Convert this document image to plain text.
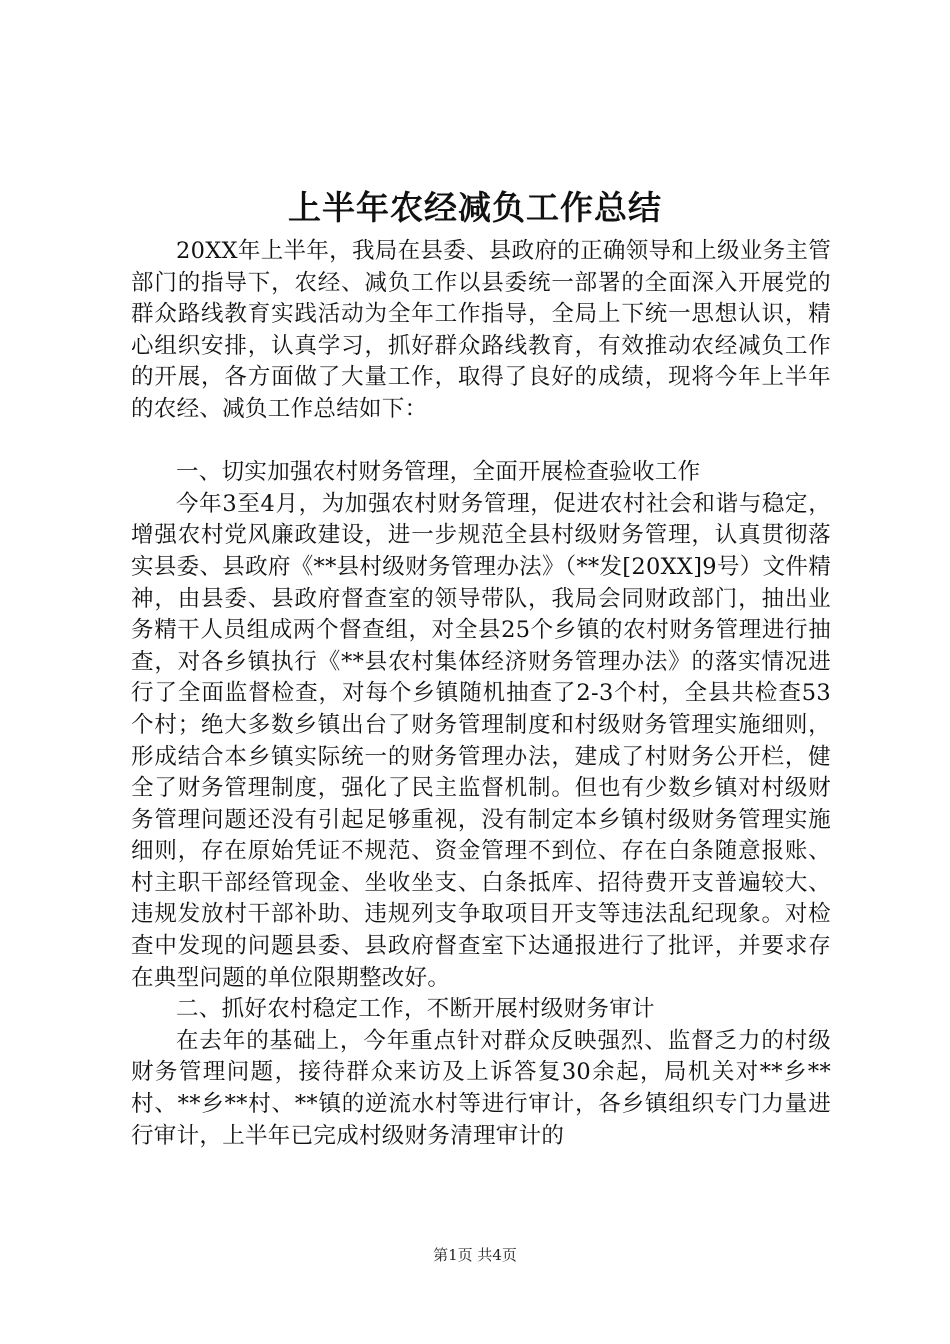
上半年农经减负工作总结

20XX年上半年，我局在县委、县政府的正确领导和上级业务主管部门的指导下，农经、减负工作以县委统一部署的全面深入开展党的群众路线教育实践活动为全年工作指导，全局上下统一思想认识，精心组织安排，认真学习，抓好群众路线教育，有效推动农经减负工作的开展，各方面做了大量工作，取得了良好的成绩，现将今年上半年的农经、减负工作总结如下：

一、切实加强农村财务管理，全面开展检查验收工作

今年3至4月，为加强农村财务管理，促进农村社会和谐与稳定，增强农村党风廉政建设，进一步规范全县村级财务管理，认真贯彻落实县委、县政府《**县村级财务管理办法》（**发[20XX]9号）文件精神，由县委、县政府督查室的领导带队，我局会同财政部门，抽出业务精干人员组成两个督查组，对全县25个乡镇的农村财务管理进行抽查，对各乡镇执行《**县农村集体经济财务管理办法》的落实情况进行了全面监督检查，对每个乡镇随机抽查了2-3个村，全县共检查53个村；绝大多数乡镇出台了财务管理制度和村级财务管理实施细则，形成结合本乡镇实际统一的财务管理办法，建成了村财务公开栏，健全了财务管理制度，强化了民主监督机制。但也有少数乡镇对村级财务管理问题还没有引起足够重视，没有制定本乡镇村级财务管理实施细则，存在原始凭证不规范、资金管理不到位、存在白条随意报账、村主职干部经管现金、坐收坐支、白条抵库、招待费开支普遍较大、违规发放村干部补助、违规列支争取项目开支等违法乱纪现象。对检查中发现的问题县委、县政府督查室下达通报进行了批评，并要求存在典型问题的单位限期整改好。

二、抓好农村稳定工作，不断开展村级财务审计

在去年的基础上，今年重点针对群众反映强烈、监督乏力的村级财务管理问题，接待群众来访及上诉答复30余起，局机关对**乡**村、**乡**村、**镇的逆流水村等进行审计，各乡镇组织专门力量进行审计，上半年已完成村级财务清理审计的

第1页 共4页
